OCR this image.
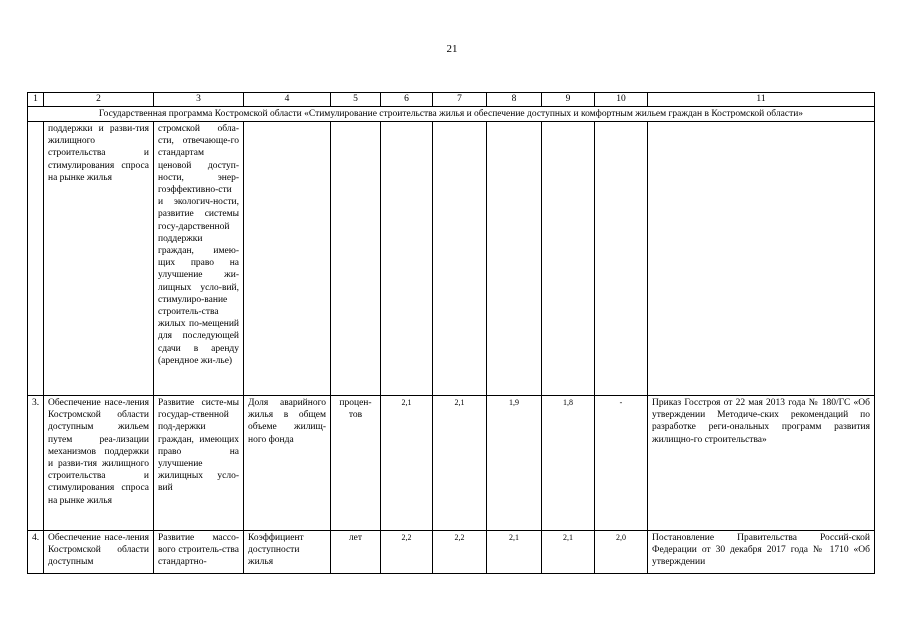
21
1	2	3	4	5	6	7	8	9	10	11
Государственная программа Костромской области «Стимулирование строительства жилья и обеспечение доступных и комфортным жильем граждан в Костромской области»										
	поддержки и разви-тия жилищного строительства и стимулирования спроса на рынке жилья	стромской обла-сти, отвечающе-го стандартам ценовой доступ-ности, энер-гоэффективно-сти и экологич-ности, развитие системы госу-дарственной поддержки граждан, имею-щих право на улучшение жи-лищных усло-вий, стимулиро-вание строитель-ства жилых по-мещений для последующей сдачи в аренду (арендное жи-лье)								
3.	Обеспечение насе-ления Костромской области доступным жильем путем реа-лизации механизмов поддержки и разви-тия жилищного строительства и стимулирования спроса на рынке жилья	Развитие систе-мы государ-ственной под-держки граждан, имеющих право на улучшение жилищных усло-вий	Доля аварийного жилья в общем объеме жилищ-ного фонда	процен-тов	2,1	2,1	1,9	1,8	-	Приказ Госстроя от 22 мая 2013 года № 180/ГС «Об утверждении Методиче-ских рекомендаций по разработке реги-ональных программ развития жилищно-го строительства»
4.	Обеспечение насе-ления Костромской области доступным	Развитие массо-вого строитель-ства стандартно-	Коэффициент доступности жилья	лет	2,2	2,2	2,1	2,1	2,0	Постановление Правительства Россий-ской Федерации от 30 декабря 2017 года № 1710 «Об утверждении
